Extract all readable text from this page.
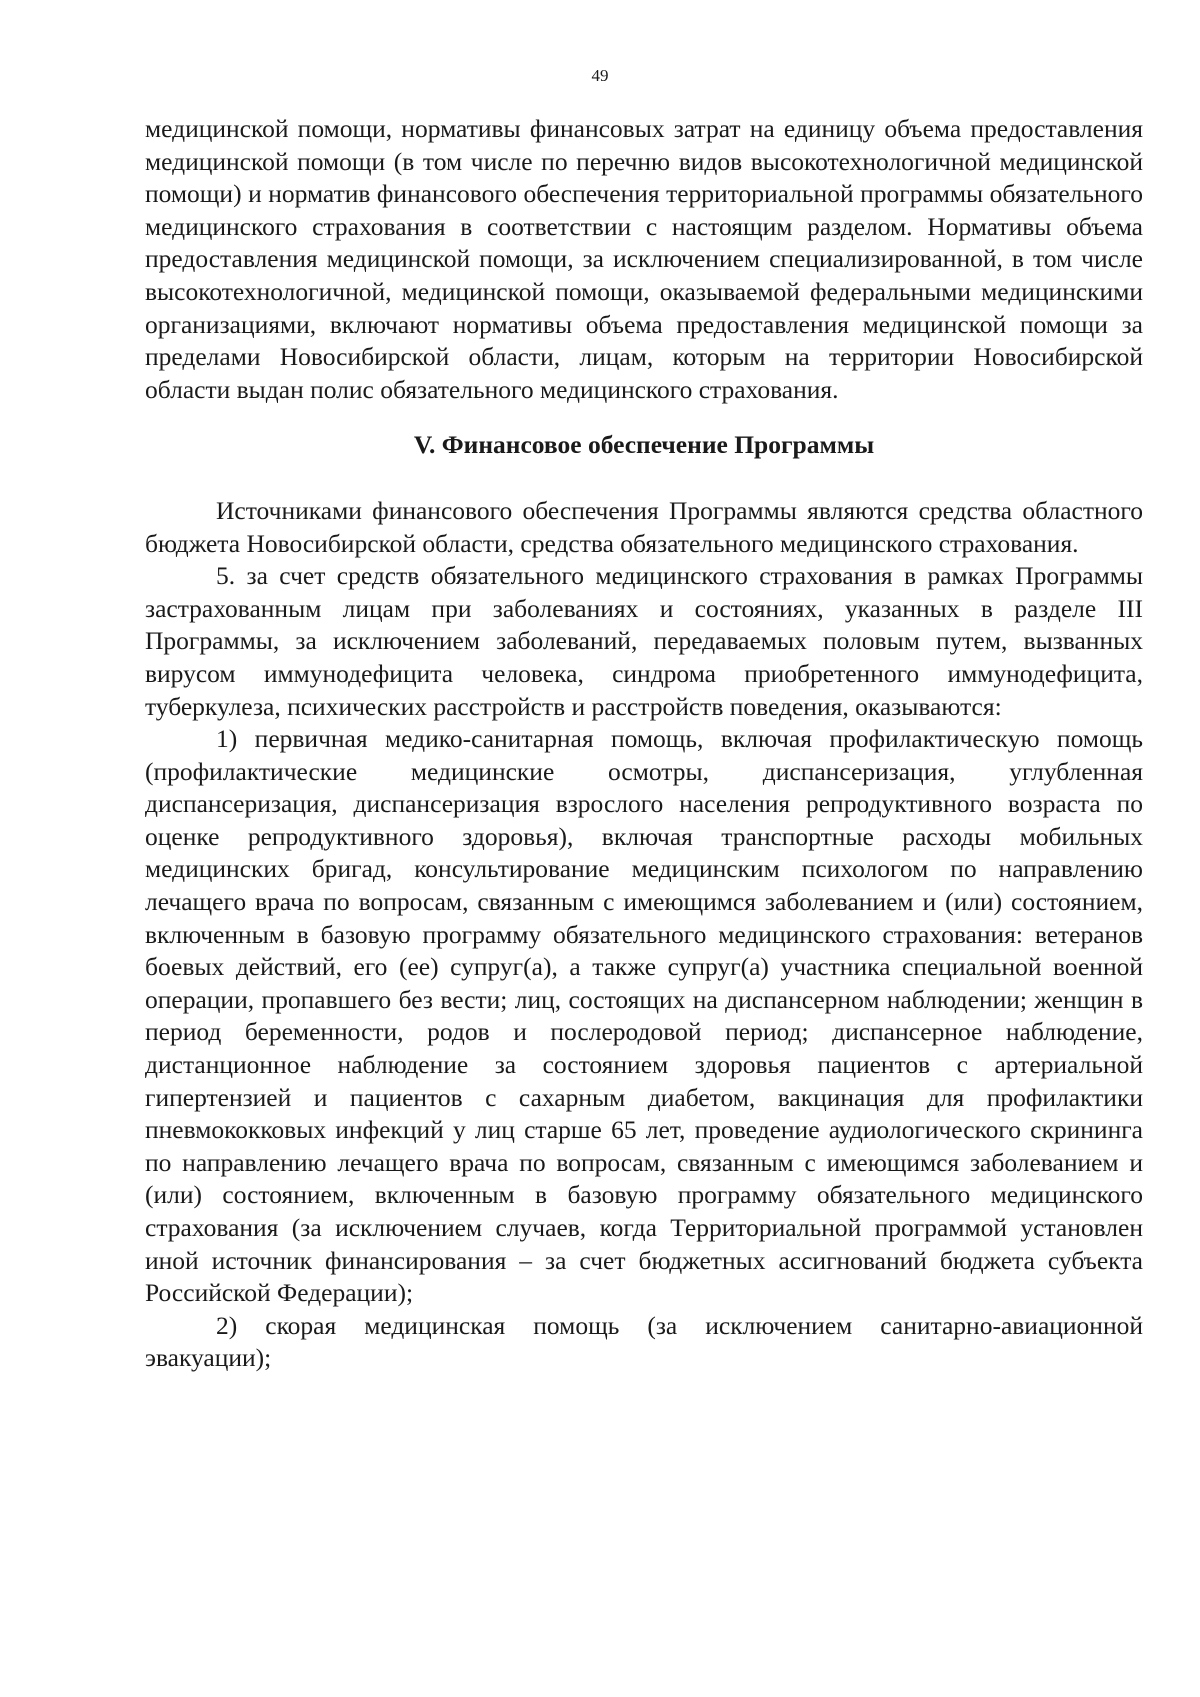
49

медицинской помощи, нормативы финансовых затрат на единицу объема предоставления медицинской помощи (в том числе по перечню видов высокотехнологичной медицинской помощи) и норматив финансового обеспечения территориальной программы обязательного медицинского страхования в соответствии с настоящим разделом. Нормативы объема предоставления медицинской помощи, за исключением специализированной, в том числе высокотехнологичной, медицинской помощи, оказываемой федеральными медицинскими организациями, включают нормативы объема предоставления медицинской помощи за пределами Новосибирской области, лицам, которым на территории Новосибирской области выдан полис обязательного медицинского страхования.

V. Финансовое обеспечение Программы

Источниками финансового обеспечения Программы являются средства областного бюджета Новосибирской области, средства обязательного медицинского страхования.

5. за счет средств обязательного медицинского страхования в рамках Программы застрахованным лицам при заболеваниях и состояниях, указанных в разделе III Программы, за исключением заболеваний, передаваемых половым путем, вызванных вирусом иммунодефицита человека, синдрома приобретенного иммунодефицита, туберкулеза, психических расстройств и расстройств поведения, оказываются:

1) первичная медико-санитарная помощь, включая профилактическую помощь (профилактические медицинские осмотры, диспансеризация, углубленная диспансеризация, диспансеризация взрослого населения репродуктивного возраста по оценке репродуктивного здоровья), включая транспортные расходы мобильных медицинских бригад, консультирование медицинским психологом по направлению лечащего врача по вопросам, связанным с имеющимся заболеванием и (или) состоянием, включенным в базовую программу обязательного медицинского страхования: ветеранов боевых действий, его (ее) супруг(а), а также супруг(а) участника специальной военной операции, пропавшего без вести; лиц, состоящих на диспансерном наблюдении; женщин в период беременности, родов и послеродовой период; диспансерное наблюдение, дистанционное наблюдение за состоянием здоровья пациентов с артериальной гипертензией и пациентов с сахарным диабетом, вакцинация для профилактики пневмококковых инфекций у лиц старше 65 лет, проведение аудиологического скрининга по направлению лечащего врача по вопросам, связанным с имеющимся заболеванием и (или) состоянием, включенным в базовую программу обязательного медицинского страхования (за исключением случаев, когда Территориальной программой установлен иной источник финансирования – за счет бюджетных ассигнований бюджета субъекта Российской Федерации);

2) скорая медицинская помощь (за исключением санитарно-авиационной эвакуации);
